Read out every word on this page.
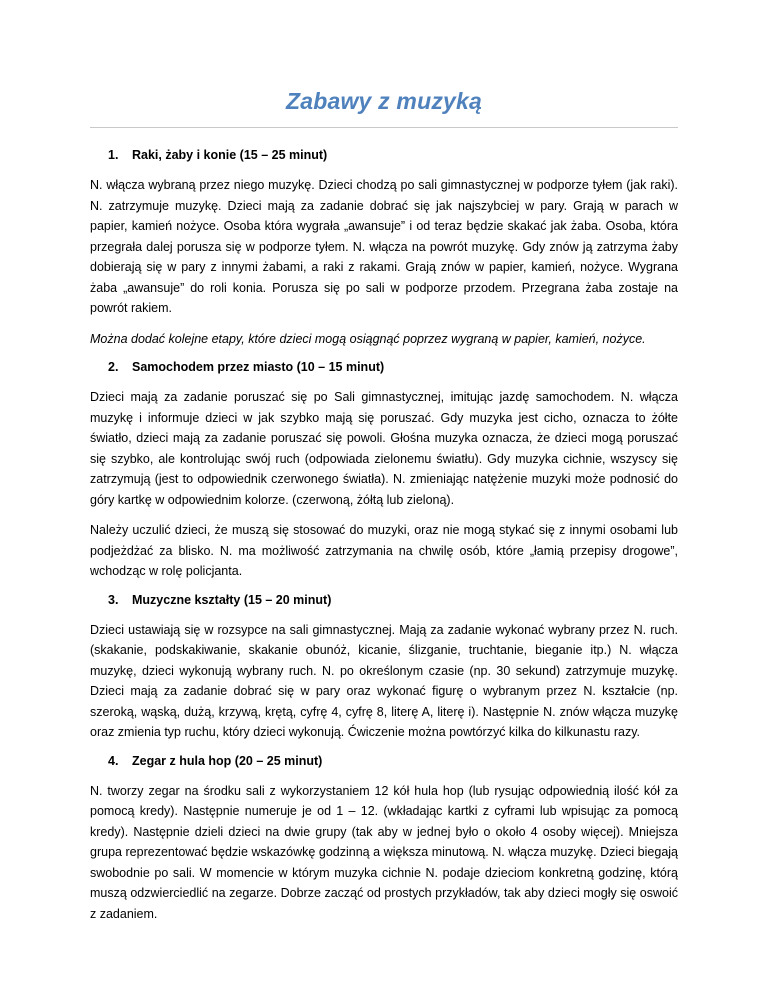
Zabawy z muzyką
1. Raki, żaby i konie (15 – 25 minut)

N. włącza wybraną przez niego muzykę. Dzieci chodzą po sali gimnastycznej w podporze tyłem (jak raki). N. zatrzymuje muzykę. Dzieci mają za zadanie dobrać się jak najszybciej w pary. Grają w parach w papier, kamień nożyce. Osoba która wygrała „awansuje” i od teraz będzie skakać jak żaba. Osoba, która przegrała dalej porusza się w podporze tyłem. N. włącza na powrót muzykę. Gdy znów ją zatrzyma żaby dobierają się w pary z innymi żabami, a raki z rakami. Grają znów w papier, kamień, nożyce. Wygrana żaba „awansuje” do roli konia. Porusza się po sali w podporze przodem. Przegrana żaba zostaje na powrót rakiem.

Można dodać kolejne etapy, które dzieci mogą osiągnąć poprzez wygraną w papier, kamień, nożyce.

2. Samochodem przez miasto (10 – 15 minut)

Dzieci mają za zadanie poruszać się po Sali gimnastycznej, imitując jazdę samochodem. N. włącza muzykę i informuje dzieci w jak szybko mają się poruszać. Gdy muzyka jest cicho, oznacza to żółte światło, dzieci mają za zadanie poruszać się powoli. Głośna muzyka oznacza, że dzieci mogą poruszać się szybko, ale kontrolując swój ruch (odpowiada zielonemu światłu). Gdy muzyka cichnie, wszyscy się zatrzymują (jest to odpowiednik czerwonego światła). N. zmieniając natężenie muzyki może podnosić do góry kartkę w odpowiednim kolorze. (czerwoną, żółtą lub zieloną).

Należy uczulić dzieci, że muszą się stosować do muzyki, oraz nie mogą stykać się z innymi osobami lub podjeżdżać za blisko. N. ma możliwość zatrzymania na chwilę osób, które „łamią przepisy drogowe”, wchodząc w rolę policjanta.

3. Muzyczne kształty (15 – 20 minut)

Dzieci ustawiają się w rozsypce na sali gimnastycznej. Mają za zadanie wykonać wybrany przez N. ruch. (skakanie, podskakiwanie, skakanie obunóż, kicanie, ślizganie, truchtanie, bieganie itp.) N. włącza muzykę, dzieci wykonują wybrany ruch. N. po określonym czasie (np. 30 sekund) zatrzymuje muzykę. Dzieci mają za zadanie dobrać się w pary oraz wykonać figurę o wybranym przez N. kształcie (np. szeroką, wąską, dużą, krzywą, krętą, cyfrę 4, cyfrę 8, literę A, literę i). Następnie N. znów włącza muzykę oraz zmienia typ ruchu, który dzieci wykonują. Ćwiczenie można powtórzyć kilka do kilkunastu razy.

4. Zegar z hula hop (20 – 25 minut)

N. tworzy zegar na środku sali z wykorzystaniem 12 kół hula hop (lub rysując odpowiednią ilość kół za pomocą kredy). Następnie numeruje je od 1 – 12. (wkładając kartki z cyframi lub wpisując za pomocą kredy). Następnie dzieli dzieci na dwie grupy (tak aby w jednej było o około 4 osoby więcej). Mniejsza grupa reprezentować będzie wskazówkę godzinną a większa minutową. N. włącza muzykę. Dzieci biegają swobodnie po sali. W momencie w którym muzyka cichnie N. podaje dzieciom konkretną godzinę, którą muszą odzwierciedlić na zegarze. Dobrze zacząć od prostych przykładów, tak aby dzieci mogły się oswoić z zadaniem.
